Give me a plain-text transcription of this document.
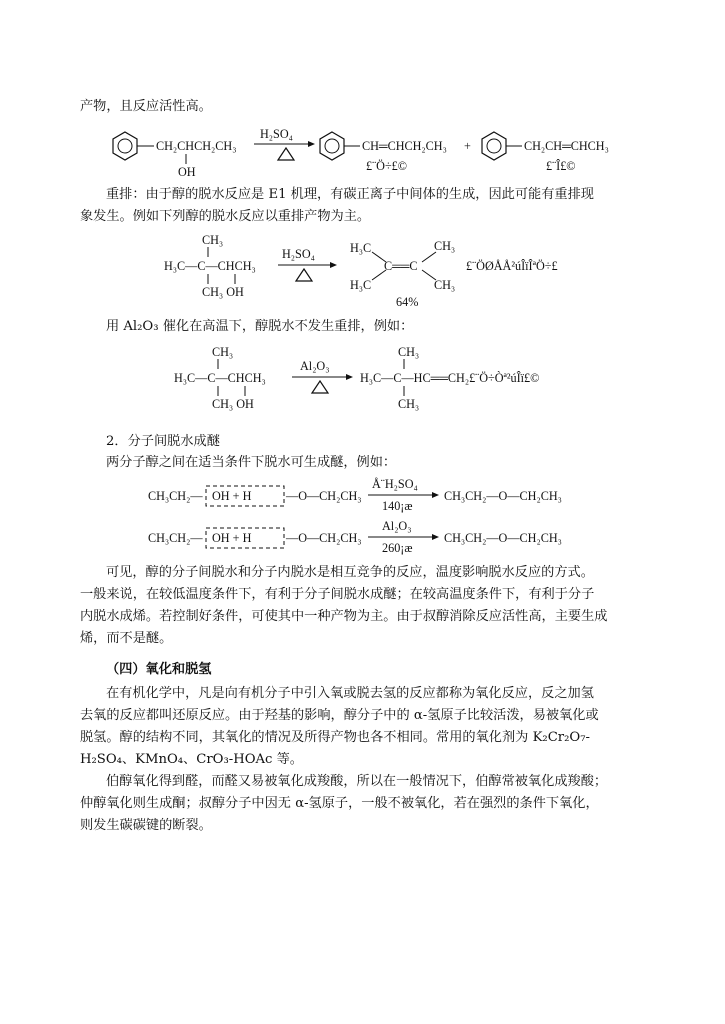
产物，且反应活性高。
CH₂CHCH₂CH₃
OH
H₂SO₄
CH═CHCH₂CH₃
£¨Ö÷£©
+	CH₂CH═CHCH₃
£¨Î£©
重排：由于醇的脱水反应是 E1 机理，有碳正离子中间体的生成，因此可能有重排现
象发生。例如下列醇的脱水反应以重排产物为主。
CH₃
H₃C—C—CHCH₃
CH₃ OH
H₂SO₄	H₃C
H₃C
C══C
CH₃
CH₃
64%
£¨ÖØÅÅ²úÎïÎªÖ÷£
用 Al₂O₃ 催化在高温下，醇脱水不发生重排，例如：
CH₃
H₃C—C—CHCH₃
CH₃ OH
Al₂O₃
CH₃
H₃C—C—HC══CH₂£¨Ö÷Òª²úÎï£©
CH₃
2．分子间脱水成醚
两分子醇之间在适当条件下脱水可生成醚，例如：
CH₃CH₂— OH + H	—O—CH₂CH₃
Å¨H₂SO₄
140¡æ
CH₃CH₂—O—CH₂CH₃
CH₃CH₂— OH + H	—O—CH₂CH₃
Al₂O₃
260¡æ
CH₃CH₂—O—CH₂CH₃
可见，醇的分子间脱水和分子内脱水是相互竞争的反应，温度影响脱水反应的方式。
一般来说，在较低温度条件下，有利于分子间脱水成醚；在较高温度条件下，有利于分子
内脱水成烯。若控制好条件，可使其中一种产物为主。由于叔醇消除反应活性高，主要生成
烯，而不是醚。
（四）氧化和脱氢
在有机化学中，凡是向有机分子中引入氧或脱去氢的反应都称为氧化反应，反之加氢
去氧的反应都叫还原反应。由于羟基的影响，醇分子中的 α-氢原子比较活泼，易被氧化或
脱氢。醇的结构不同，其氧化的情况及所得产物也各不相同。常用的氧化剂为 K₂Cr₂O₇-
H₂SO₄、KMnO₄、CrO₃-HOAc 等。
伯醇氧化得到醛，而醛又易被氧化成羧酸，所以在一般情况下，伯醇常被氧化成羧酸；
仲醇氧化则生成酮；叔醇分子中因无 α-氢原子，一般不被氧化，若在强烈的条件下氧化，
则发生碳碳键的断裂。
